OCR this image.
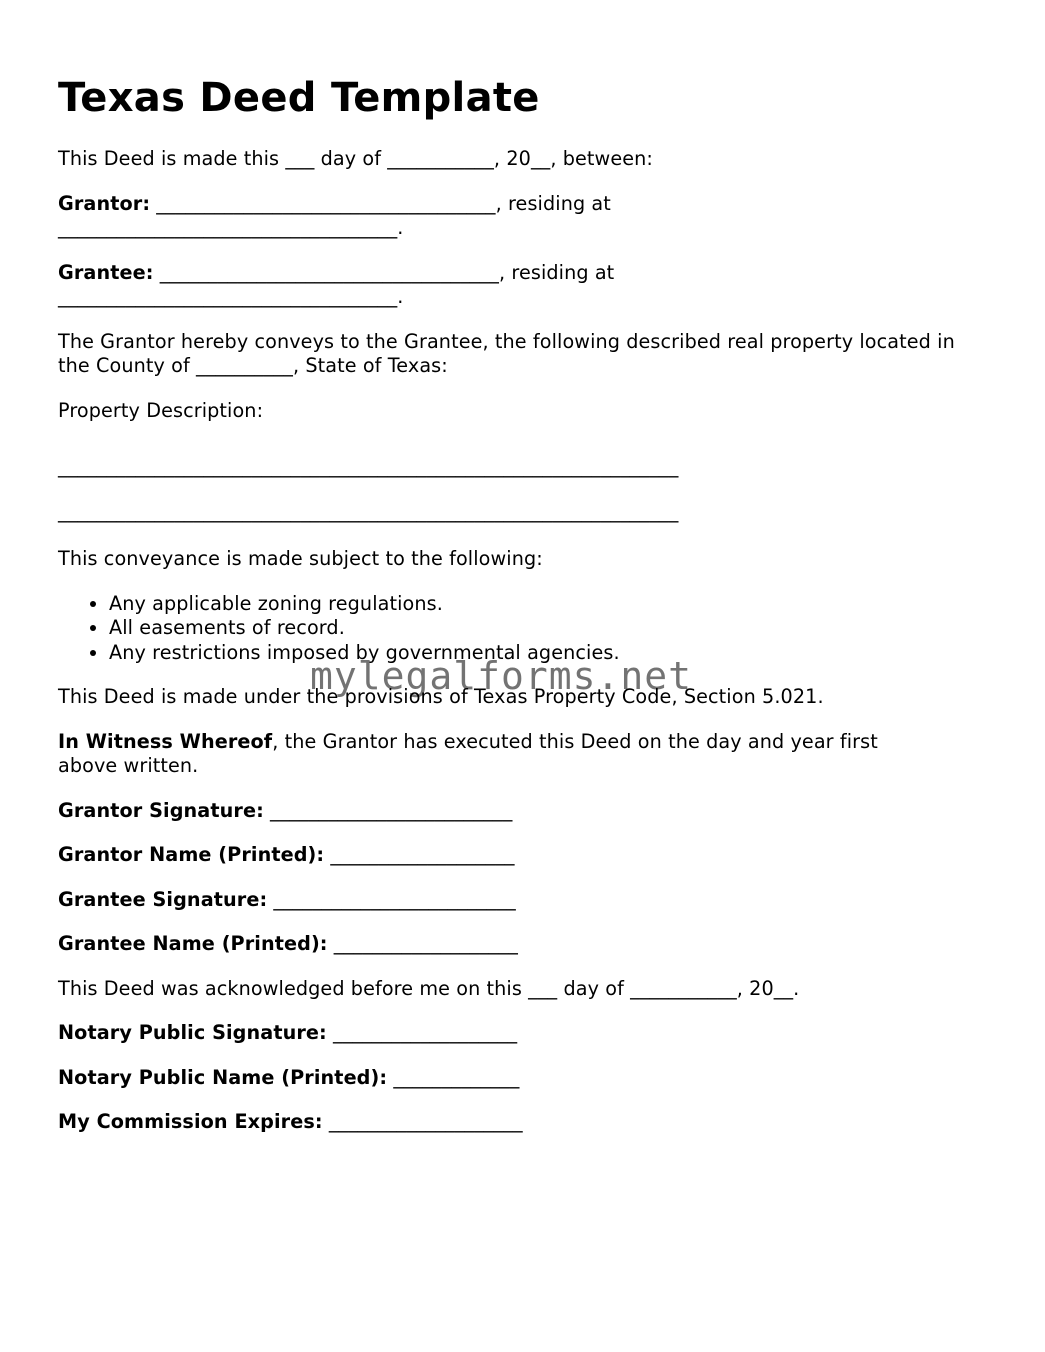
Texas Deed Template

This Deed is made this ___ day of ___________, 20__, between:

Grantor: ___________________________________, residing at
___________________________________.

Grantee: ___________________________________, residing at
___________________________________.

The Grantor hereby conveys to the Grantee, the following described real property located in the County of __________, State of Texas:

Property Description:

________________________________________________________________

________________________________________________________________

This conveyance is made subject to the following:

• Any applicable zoning regulations.
• All easements of record.
• Any restrictions imposed by governmental agencies.

This Deed is made under the provisions of Texas Property Code, Section 5.021.

In Witness Whereof, the Grantor has executed this Deed on the day and year first above written.

Grantor Signature: _________________________

Grantor Name (Printed): ___________________

Grantee Signature: _________________________

Grantee Name (Printed): ___________________

This Deed was acknowledged before me on this ___ day of ___________, 20__.

Notary Public Signature: ___________________

Notary Public Name (Printed): _____________

My Commission Expires: ____________________

mylegalforms.net
